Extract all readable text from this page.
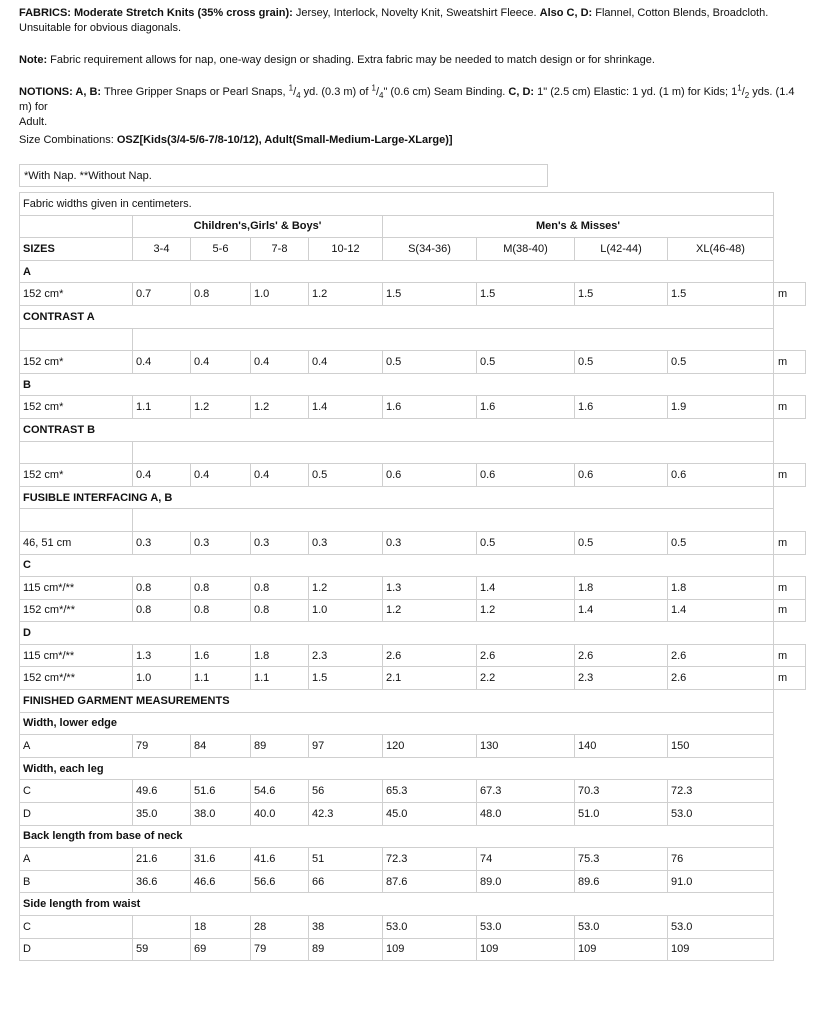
FABRICS: Moderate Stretch Knits (35% cross grain): Jersey, Interlock, Novelty Knit, Sweatshirt Fleece. Also C, D: Flannel, Cotton Blends, Broadcloth.
Unsuitable for obvious diagonals.
Note: Fabric requirement allows for nap, one-way design or shading. Extra fabric may be needed to match design or for shrinkage.
NOTIONS: A, B: Three Gripper Snaps or Pearl Snaps, $^1/_4$ yd. (0.3 m) of $^1/_4$" (0.6 cm) Seam Binding. C, D: 1" (2.5 cm) Elastic: 1 yd. (1 m) for Kids; $1^1/_2$ yds. (1.4 m) for
Adult.
Size Combinations: OSZ[Kids(3/4-5/6-7/8-10/12), Adult(Small-Medium-Large-XLarge)]
*With Nap. **Without Nap.
Fabric widths given in centimeters.									
	Children's,Girls' & Boys'				Men's & Misses'				
SIZES	3-4	5-6	7-8	10-12	S(34-36)	M(38-40)	L(42-44)	XL(46-48)	
A									
152 cm*	0.7	0.8	1.0	1.2	1.5	1.5	1.5	1.5	m
CONTRAST A									

152 cm*	0.4	0.4	0.4	0.4	0.5	0.5	0.5	0.5	m
B									
152 cm*	1.1	1.2	1.2	1.4	1.6	1.6	1.6	1.9	m
CONTRAST B									

152 cm*	0.4	0.4	0.4	0.5	0.6	0.6	0.6	0.6	m
FUSIBLE INTERFACING A, B									

46, 51 cm	0.3	0.3	0.3	0.3	0.3	0.5	0.5	0.5	m
C									
115 cm*/**	0.8	0.8	0.8	1.2	1.3	1.4	1.8	1.8	m
152 cm*/**	0.8	0.8	0.8	1.0	1.2	1.2	1.4	1.4	m
D									
115 cm*/**	1.3	1.6	1.8	2.3	2.6	2.6	2.6	2.6	m
152 cm*/**	1.0	1.1	1.1	1.5	2.1	2.2	2.3	2.6	m
FINISHED GARMENT MEASUREMENTS									
Width, lower edge									
A	79	84	89	97	120	130	140	150	
Width, each leg									
C	49.6	51.6	54.6	56	65.3	67.3	70.3	72.3	
D	35.0	38.0	40.0	42.3	45.0	48.0	51.0	53.0	
Back length from base of neck									
A	21.6	31.6	41.6	51	72.3	74	75.3	76	
B	36.6	46.6	56.6	66	87.6	89.0	89.6	91.0	
Side length from waist									
C		18	28	38	53.0	53.0	53.0	53.0	
D	59	69	79	89	109	109	109	109	
